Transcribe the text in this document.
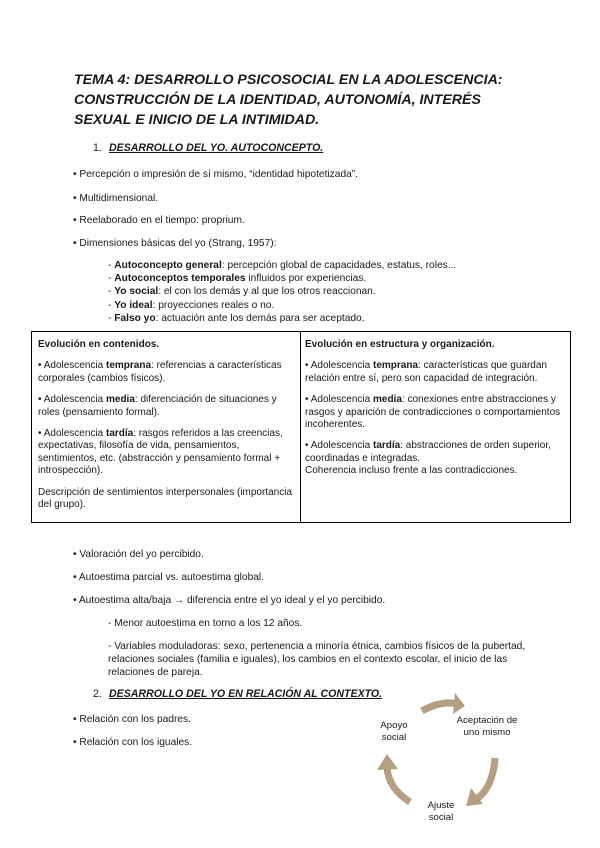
TEMA 4: DESARROLLO PSICOSOCIAL EN LA ADOLESCENCIA:
CONSTRUCCIÓN DE LA IDENTIDAD, AUTONOMÍA, INTERÉS
SEXUAL E INICIO DE LA INTIMIDAD.
1. DESARROLLO DEL YO. AUTOCONCEPTO.
• Percepción o impresión de sí mismo, “identidad hipotetizada”.
• Multidimensional.
• Reelaborado en el tiempo: proprium.
• Dimensiones básicas del yo (Strang, 1957):
- Autoconcepto general: percepción global de capacidades, estatus, roles...
- Autoconceptos temporales influidos por experiencias.
- Yo social: el con los demás y al que los otros reaccionan.
- Yo ideal: proyecciones reales o no.
- Falso yo: actuación ante los demás para ser aceptado.
Evolución en contenidos.
• Adolescencia temprana: referencias a características corporales (cambios físicos).
• Adolescencia media: diferenciación de situaciones y roles (pensamiento formal).
• Adolescencia tardía: rasgos referidos a las creencias, expectativas, filosofía de vida, pensamientos, sentimientos, etc. (abstracción y pensamiento formal + introspección).
Descripción de sentimientos interpersonales (importancia del grupo).
Evolución en estructura y organización.
• Adolescencia temprana: características que guardan relación entre sí, pero son capacidad de integración.
• Adolescencia media: conexiones entre abstracciones y rasgos y aparición de contradicciones o comportamientos incoherentes.
• Adolescencia tardía: abstracciones de orden superior, coordinadas e integradas.
Coherencia incluso frente a las contradicciones.
• Valoración del yo percibido.
• Autoestima parcial vs. autoestima global.
• Autoestima alta/baja → diferencia entre el yo ideal y el yo percibido.
- Menor autoestima en torno a los 12 años.
- Variables moduladoras: sexo, pertenencia a minoría étnica, cambios físicos de la pubertad, relaciones sociales (familia e iguales), los cambios en el contexto escolar, el inicio de las relaciones de pareja.
2. DESARROLLO DEL YO EN RELACIÓN AL CONTEXTO.
• Relación con los padres.
• Relación con los iguales.
Apoyo social
Aceptación de uno mismo
Ajuste social
